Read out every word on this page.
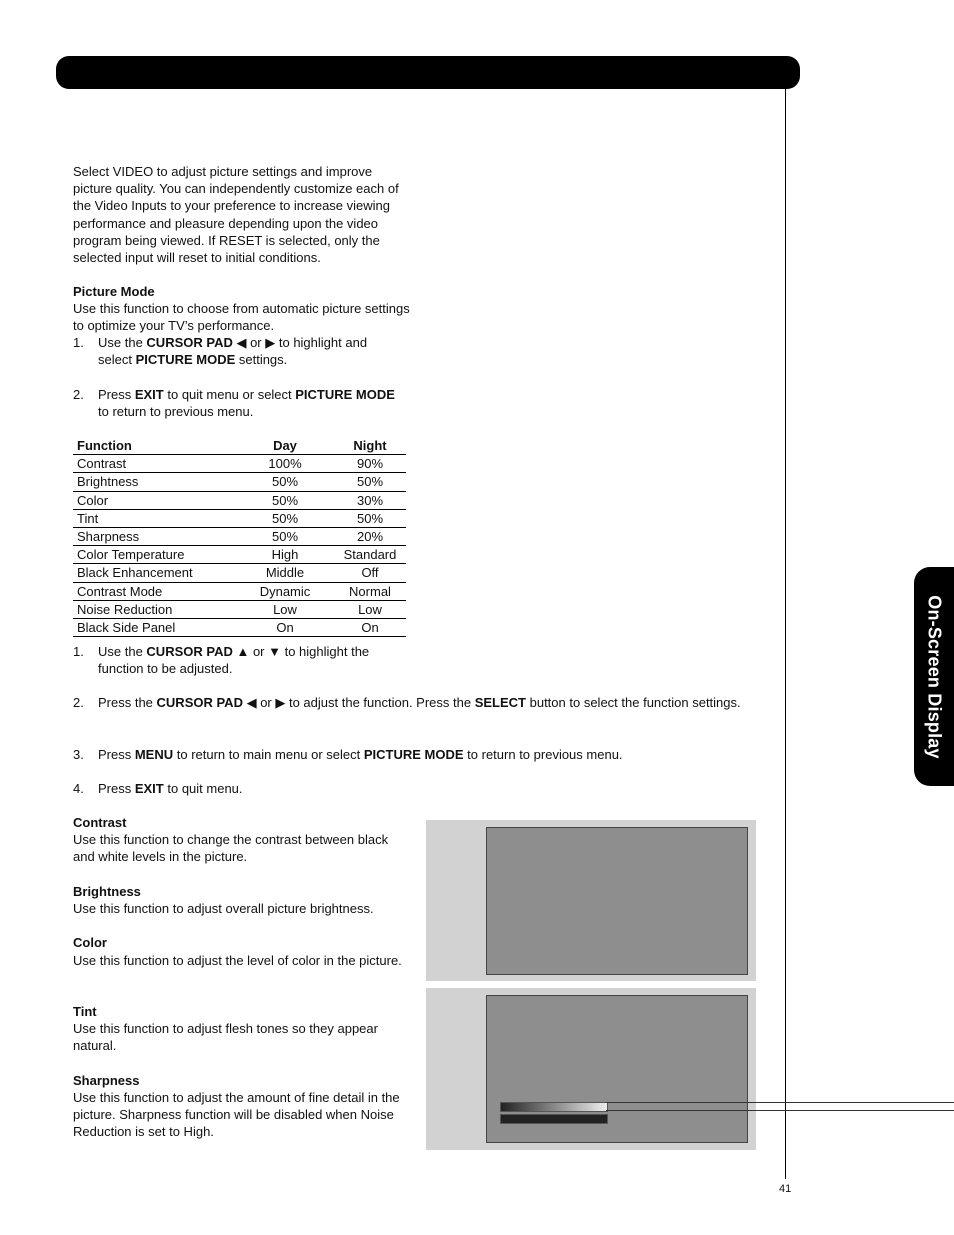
On-Screen Display

Select VIDEO to adjust picture settings and improve picture quality. You can independently customize each of the Video Inputs to your preference to increase viewing performance and pleasure depending upon the video program being viewed. If RESET is selected, only the selected input will reset to initial conditions.

Picture Mode

Use this function to choose from automatic picture settings to optimize your TV’s performance.

1.	Use the CURSOR PAD ◀ or ▶ to highlight and select PICTURE MODE settings.
2.	Press EXIT to quit menu or select PICTURE MODE to return to previous menu.
Function	Day	Night
Contrast	100%	90%
Brightness	50%	50%
Color	50%	30%
Tint	50%	50%
Sharpness	50%	20%
Color Temperature	High	Standard
Black Enhancement	Middle	Off
Contrast Mode	Dynamic	Normal
Noise Reduction	Low	Low
Black Side Panel	On	On
1.	Use the CURSOR PAD ▲ or ▼ to highlight the function to be adjusted.
2.	Press the CURSOR PAD ◀ or ▶ to adjust the function. Press the SELECT button to select the function settings.
3.	Press MENU to return to main menu or select PICTURE MODE to return to previous menu.
4.	Press EXIT to quit menu.

Contrast

Use this function to change the contrast between black and white levels in the picture.

Brightness

Use this function to adjust overall picture brightness.

Color

Use this function to adjust the level of color in the picture.

Tint

Use this function to adjust flesh tones so they appear natural.

Sharpness

Use this function to adjust the amount of fine detail in the picture. Sharpness function will be disabled when Noise Reduction is set to High.

41
